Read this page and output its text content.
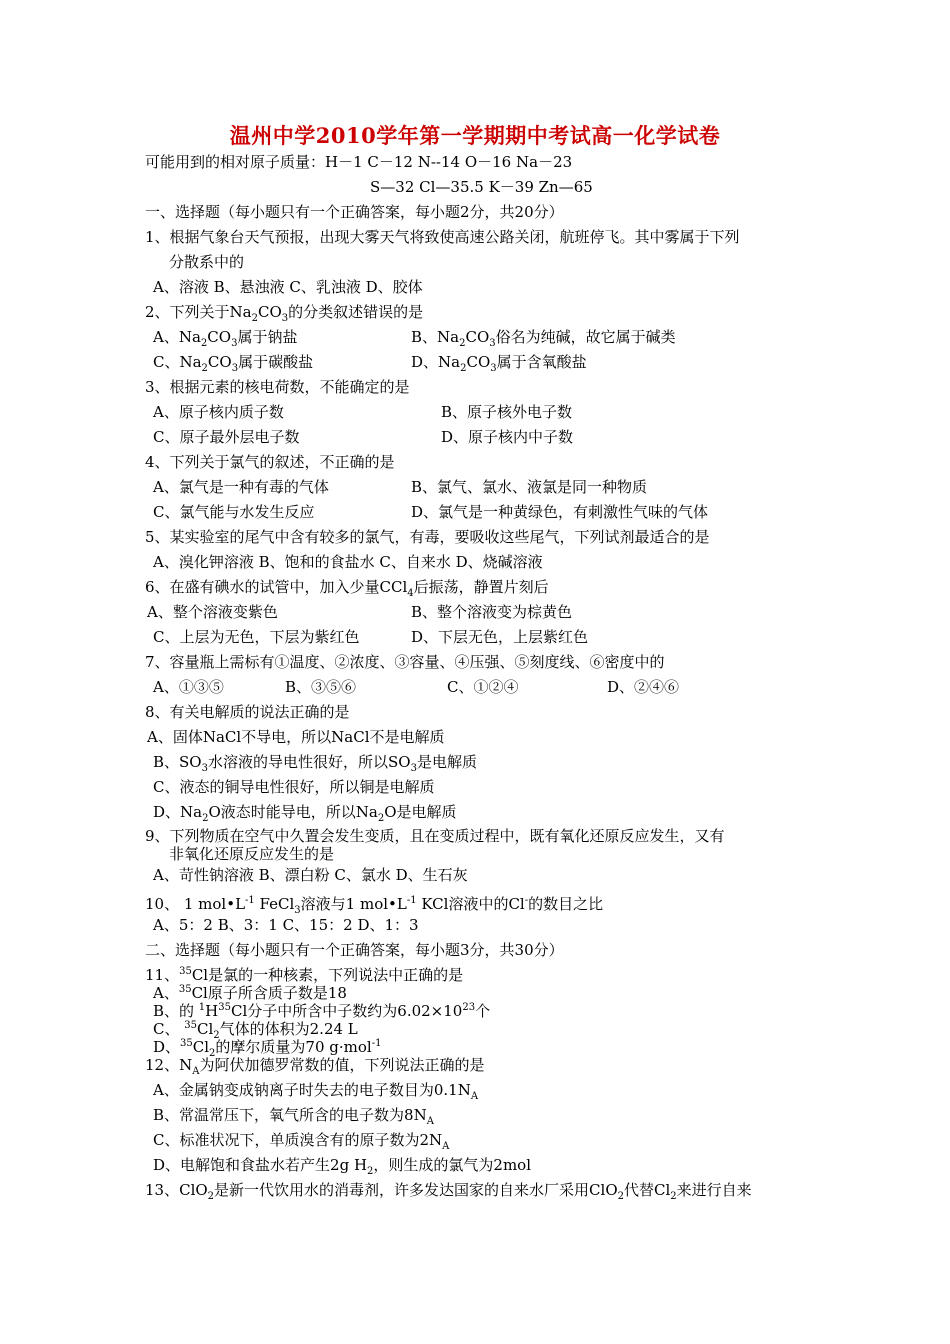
温州中学2010学年第一学期期中考试高一化学试卷
可能用到的相对原子质量：H－1 C－12 N--14 O－16 Na－23
S—32 Cl—35.5 K－39 Zn—65
一、选择题（每小题只有一个正确答案，每小题2分，共20分）
1、根据气象台天气预报，出现大雾天气将致使高速公路关闭，航班停飞。其中雾属于下列
分散系中的
A、溶液 B、悬浊液 C、乳浊液 D、胶体
2、下列关于$Na_2CO_3$的分类叙述错误的是
A、$Na_2CO_3$属于钠盐	B、$Na_2CO_3$俗名为纯碱，故它属于碱类
C、$Na_2CO_3$属于碳酸盐	D、$Na_2CO_3$属于含氧酸盐
3、根据元素的核电荷数，不能确定的是
A、原子核内质子数	B、原子核外电子数
C、原子最外层电子数	D、原子核内中子数
4、下列关于氯气的叙述，不正确的是
A、氯气是一种有毒的气体	B、氯气、氯水、液氯是同一种物质
C、氯气能与水发生反应	D、氯气是一种黄绿色，有刺激性气味的气体
5、某实验室的尾气中含有较多的氯气，有毒，要吸收这些尾气，下列试剂最适合的是
A、溴化钾溶液 B、饱和的食盐水 C、自来水 D、烧碱溶液
6、在盛有碘水的试管中，加入少量CCl$_4$后振荡，静置片刻后
A、整个溶液变紫色	B、整个溶液变为棕黄色
C、上层为无色，下层为紫红色	D、下层无色，上层紫红色
7、容量瓶上需标有①温度、②浓度、③容量、④压强、⑤刻度线、⑥密度中的
A、①③⑤	B、③⑤⑥	C、①②④	D、②④⑥
8、有关电解质的说法正确的是
A、固体NaCl不导电，所以NaCl不是电解质
B、$SO_3$水溶液的导电性很好，所以$SO_3$是电解质
C、液态的铜导电性很好，所以铜是电解质
D、$Na_2O$液态时能导电，所以$Na_2O$是电解质
9、下列物质在空气中久置会发生变质，且在变质过程中，既有氧化还原反应发生，又有
非氧化还原反应发生的是
A、苛性钠溶液 B、漂白粉 C、氯水 D、生石灰
10、 1 $mol•L^{-1}$ FeCl$_3$溶液与1 $mol•L^{-1}$ KCl溶液中的Cl-的数目之比
A、5：2 B、3：1 C、15：2 D、1：3
二、选择题（每小题只有一个正确答案，每小题3分，共30分）
11、$^{35}$Cl是氯的一种核素，下列说法中正确的是
A、$^{35}$Cl原子所含质子数是18
B、的 $^1H^{35}Cl$分子中所含中子数约为$6.02\times 10^{23}$个
C、 $^{35}Cl_2$气体的体积为2.24 L
D、$^{35}Cl_2$的摩尔质量为70 g·mol$^{-1}$
12、$N_A$为阿伏加德罗常数的值，下列说法正确的是
A、金属钠变成钠离子时失去的电子数目为$0.1N_A$
B、常温常压下，氧气所含的电子数为$8N_A$
C、标准状况下，单质溴含有的原子数为$2N_A$
D、电解饱和食盐水若产生2g $H_2$，则生成的氯气为2mol
13、ClO$_2$是新一代饮用水的消毒剂，许多发达国家的自来水厂采用ClO$_2$代替$Cl_2$来进行自来
